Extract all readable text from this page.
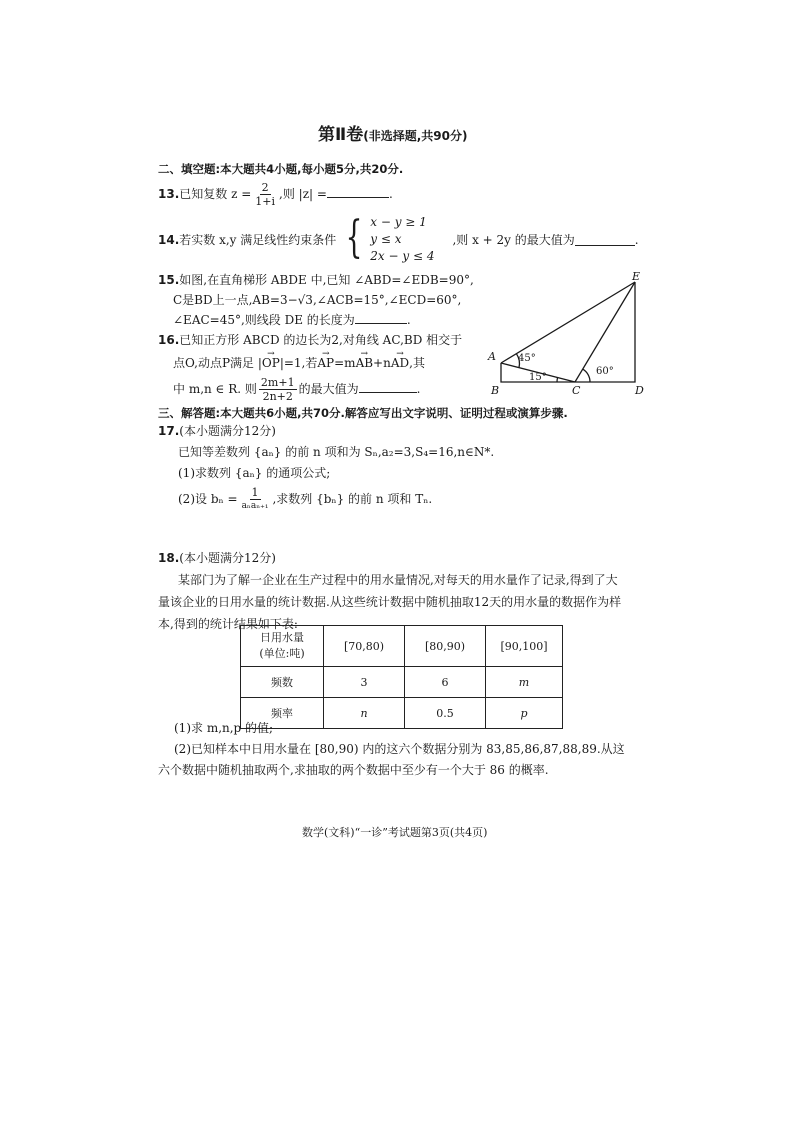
第Ⅱ卷(非选择题,共90分)
二、填空题:本大题共4小题,每小题5分,共20分.
13.已知复数 $z = \frac{2}{1+i}$ ,则 |z| =	.
14. 若实数 x,y 满足线性约束条件 { x − y ≥ 1
y ≤ x
2x − y ≤ 4
,则 x + 2y 的最大值为	.
15.如图,在直角梯形 ABDE 中,已知 ∠ABD=∠EDB=90°,
C是BD上一点,AB=3−√3,∠ACB=15°,∠ECD=60°,
∠EAC=45°,则线段 DE 的长度为	.
16.已知正方形 ABCD 的边长为2,对角线 AC,BD 相交于
点O,动点P满足 |→ OP|=1,若→ AP=m→ AB+n→ AD,其
中 m,n ∈ R. 则 $\frac{2m+1}{2n+2}$ 的最大值为	.
A
B	C	D
E
45°
15°
60°
三、解答题:本大题共6小题,共70分.解答应写出文字说明、证明过程或演算步骤.
17.(本小题满分12分)
已知等差数列 {aₙ} 的前 n 项和为 Sₙ,a₂=3,S₄=16,n∈N*.
(1)求数列 {aₙ} 的通项公式;
(2)设 $b_n = \frac{1}{\text{aₙaₙ₊₁}}$ ,求数列 {bₙ} 的前 n 项和 Tₙ.
18.(本小题满分12分)
某部门为了解一企业在生产过程中的用水量情况,对每天的用水量作了记录,得到了大
量该企业的日用水量的统计数据.从这些统计数据中随机抽取12天的用水量的数据作为样
本,得到的统计结果如下表:
日用水量
(单位:吨)	[70,80)	[80,90)	[90,100]
频数	3	6	m
频率	n	0.5	p
(1)求 m,n,p 的值;
(2)已知样本中日用水量在 [80,90) 内的这六个数据分别为 83,85,86,87,88,89.从这
六个数据中随机抽取两个,求抽取的两个数据中至少有一个大于 86 的概率.
数学(文科)“一诊”考试题第3页(共4页)
